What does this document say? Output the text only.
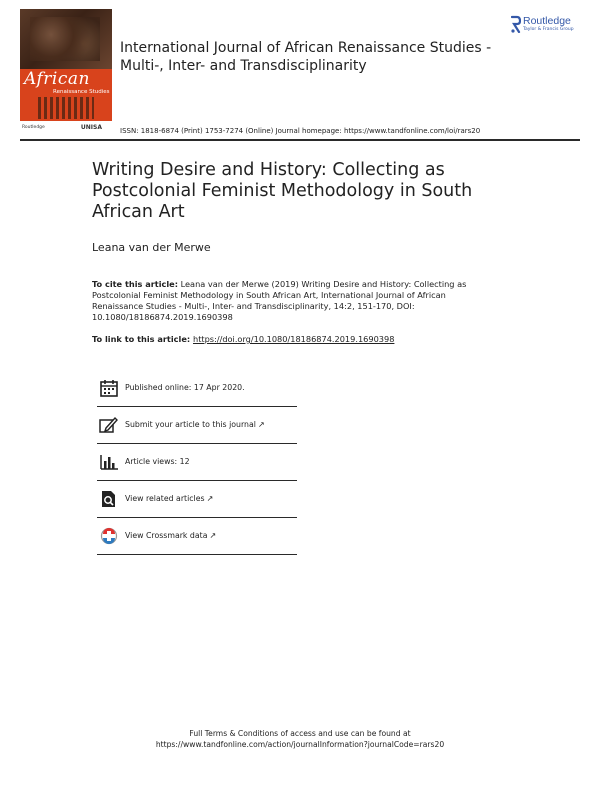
African
Renaissance Studies
Routledge	UNISA
Routledge
Taylor & Francis Group
International Journal of African Renaissance Studies - Multi-, Inter- and Transdisciplinarity
ISSN: 1818-6874 (Print) 1753-7274 (Online) Journal homepage: https://www.tandfonline.com/loi/rars20
Writing Desire and History: Collecting as Postcolonial Feminist Methodology in South African Art
Leana van der Merwe
To cite this article: Leana van der Merwe (2019) Writing Desire and History: Collecting as Postcolonial Feminist Methodology in South African Art, International Journal of African Renaissance Studies - Multi-, Inter- and Transdisciplinarity, 14:2, 151-170, DOI: 10.1080/18186874.2019.1690398
To link to this article: https://doi.org/10.1080/18186874.2019.1690398
Published online: 17 Apr 2020.
Submit your article to this journal ↗
Article views: 12
View related articles ↗
View Crossmark data ↗
Full Terms & Conditions of access and use can be found at
https://www.tandfonline.com/action/journalInformation?journalCode=rars20
